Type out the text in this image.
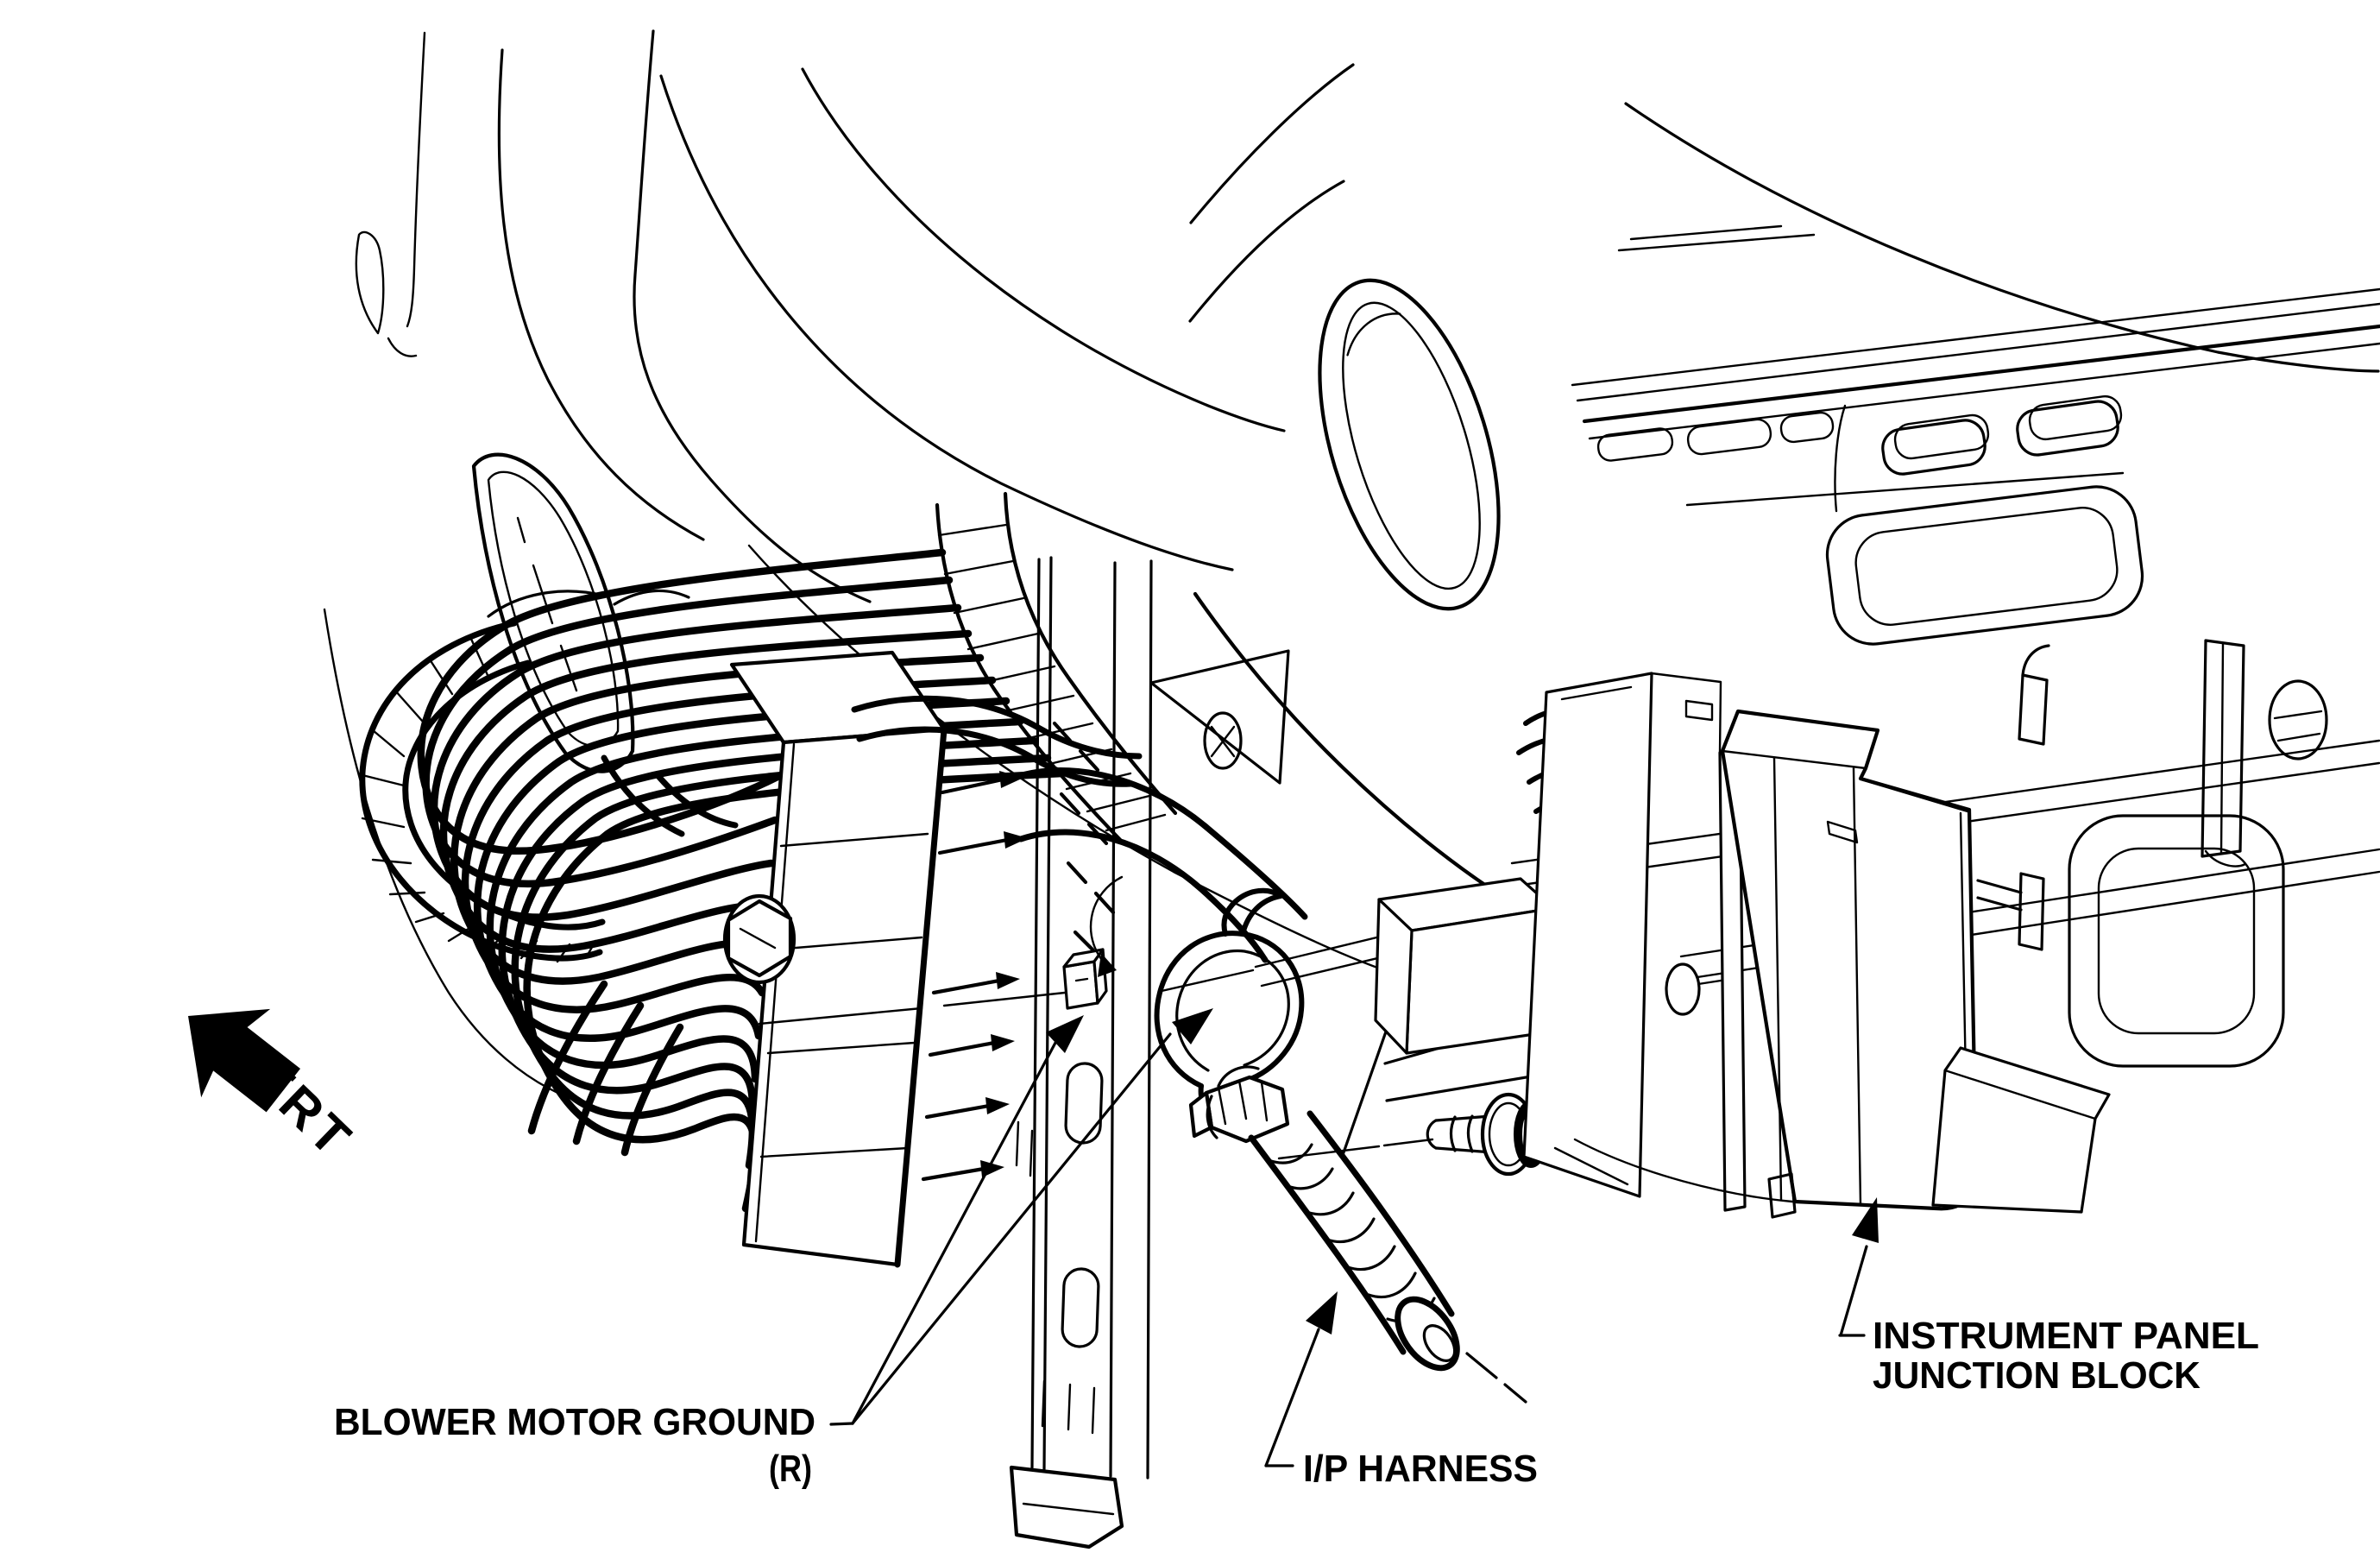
FRT
BLOWER MOTOR GROUND
(R)	I/P HARNESS
INSTRUMENT PANEL
JUNCTION BLOCK
